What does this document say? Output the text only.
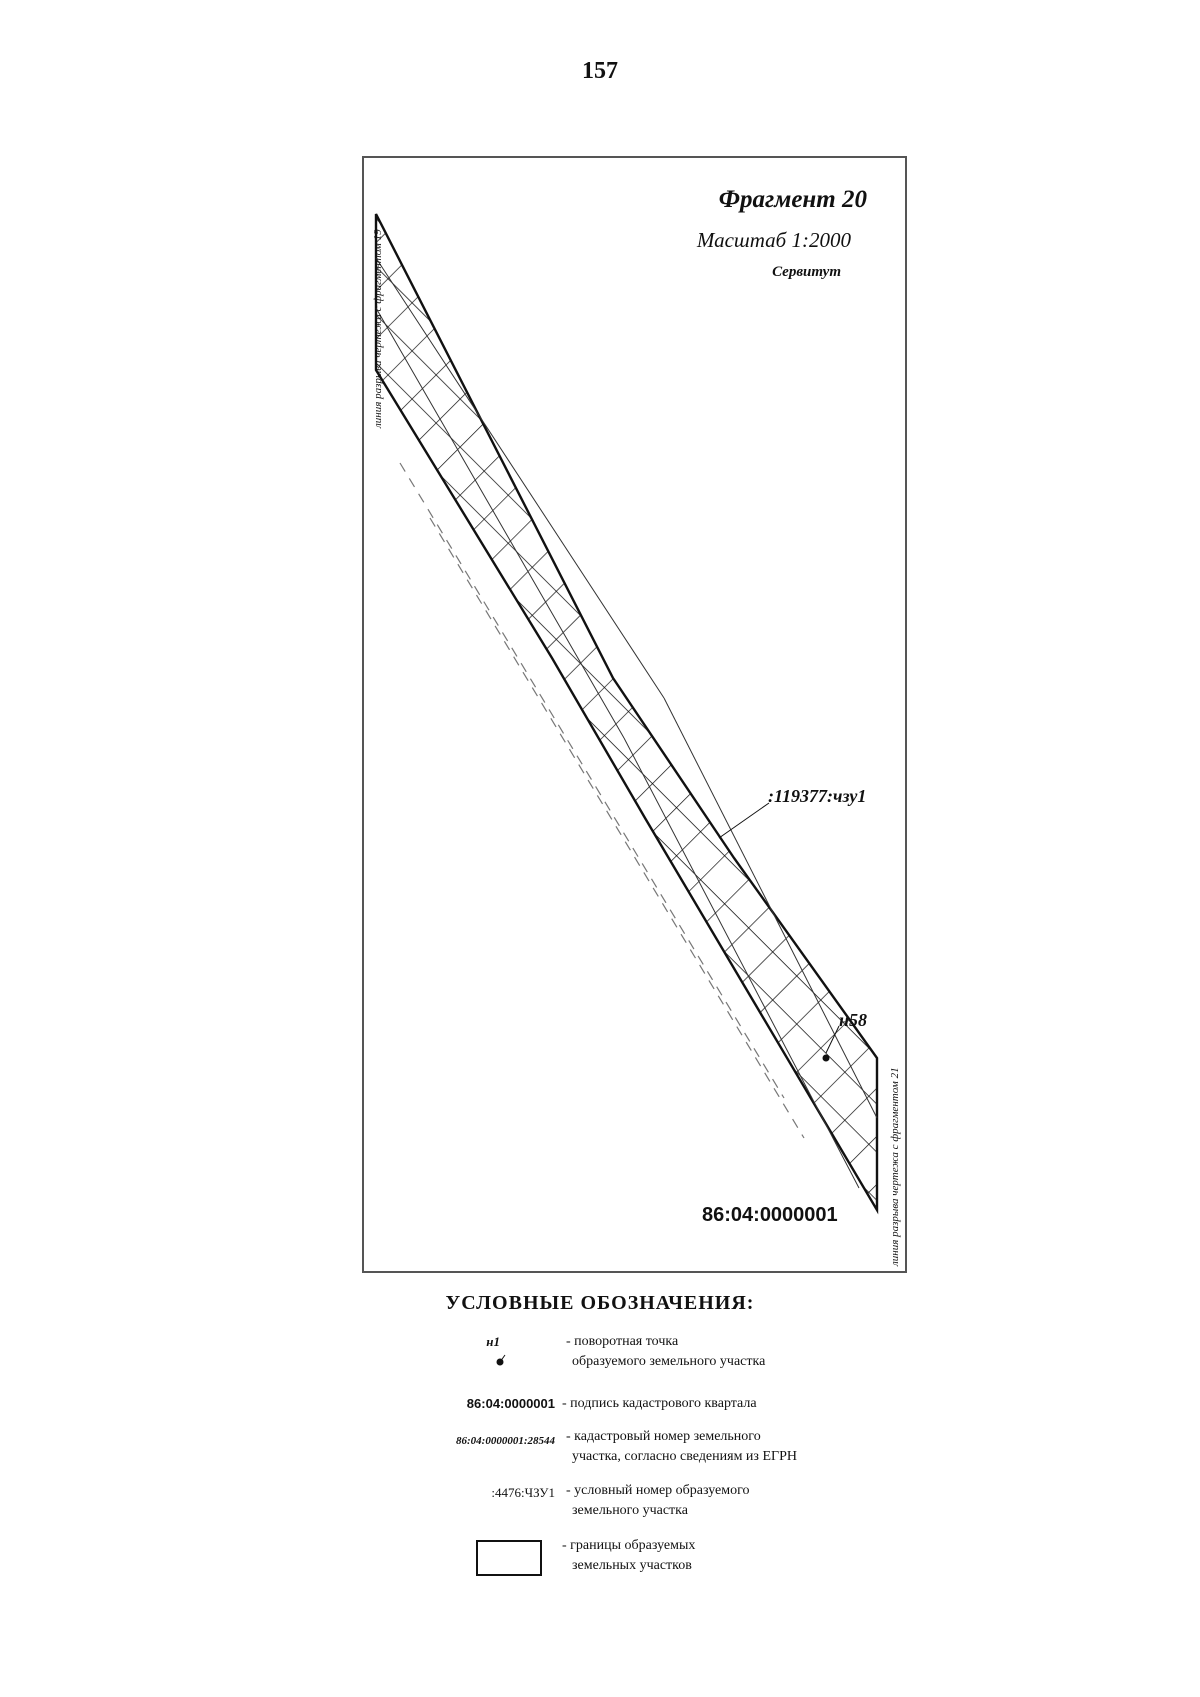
157
Фрагмент 20
Масштаб 1:2000
Сервитут
:119377:чзу1
н58
86:04:0000001
линия разрыва чертежа с фрагментом 19
линия разрыва чертежа с фрагментом 21
УСЛОВНЫЕ ОБОЗНАЧЕНИЯ:
н1	- поворотная точка
образуемого земельного участка
86:04:0000001 - подпись кадастрового квартала
86:04:0000001:28544 - кадастровый номер земельного
участка, согласно сведениям из ЕГРН
:4476:ЧЗУ1 - условный номер образуемого
земельного участка
- границы образуемых
земельных участков
